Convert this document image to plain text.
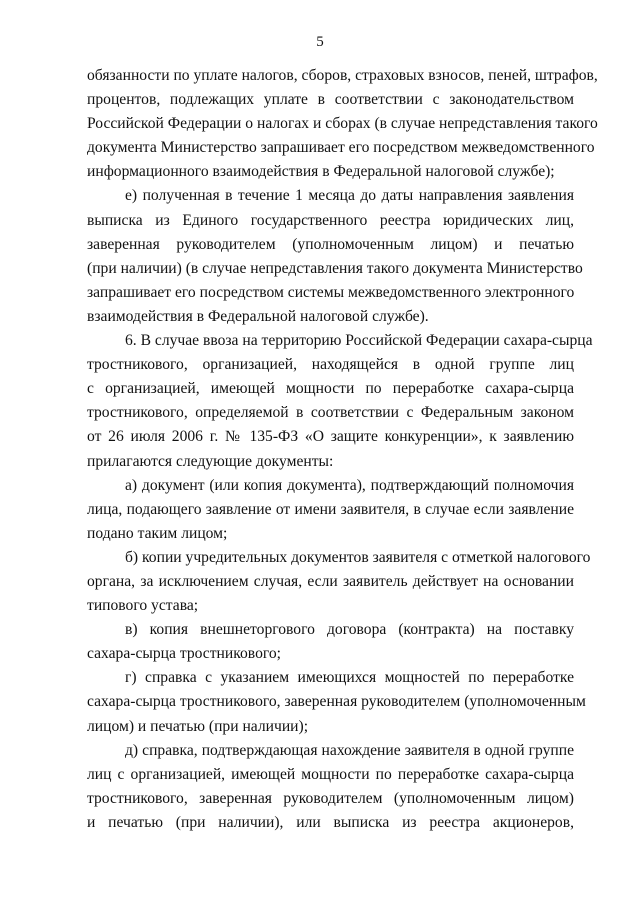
5
обязанности по уплате налогов, сборов, страховых взносов, пеней, штрафов,
процентов, подлежащих уплате в соответствии с законодательством
Российской Федерации о налогах и сборах (в случае непредставления такого
документа Министерство запрашивает его посредством межведомственного
информационного взаимодействия в Федеральной налоговой службе);
е) полученная в течение 1 месяца до даты направления заявления
выписка из Единого государственного реестра юридических лиц,
заверенная руководителем (уполномоченным лицом) и печатью
(при наличии) (в случае непредставления такого документа Министерство
запрашивает его посредством системы межведомственного электронного
взаимодействия в Федеральной налоговой службе).
6. В случае ввоза на территорию Российской Федерации сахара-сырца
тростникового, организацией, находящейся в одной группе лиц
с организацией, имеющей мощности по переработке сахара-сырца
тростникового, определяемой в соответствии с Федеральным законом
от 26 июля 2006 г. № 135-ФЗ «О защите конкуренции», к заявлению
прилагаются следующие документы:
а) документ (или копия документа), подтверждающий полномочия
лица, подающего заявление от имени заявителя, в случае если заявление
подано таким лицом;
б) копии учредительных документов заявителя с отметкой налогового
органа, за исключением случая, если заявитель действует на основании
типового устава;
в) копия внешнеторгового договора (контракта) на поставку
сахара-сырца тростникового;
г) справка с указанием имеющихся мощностей по переработке
сахара-сырца тростникового, заверенная руководителем (уполномоченным
лицом) и печатью (при наличии);
д) справка, подтверждающая нахождение заявителя в одной группе
лиц с организацией, имеющей мощности по переработке сахара-сырца
тростникового, заверенная руководителем (уполномоченным лицом)
и печатью (при наличии), или выписка из реестра акционеров,
